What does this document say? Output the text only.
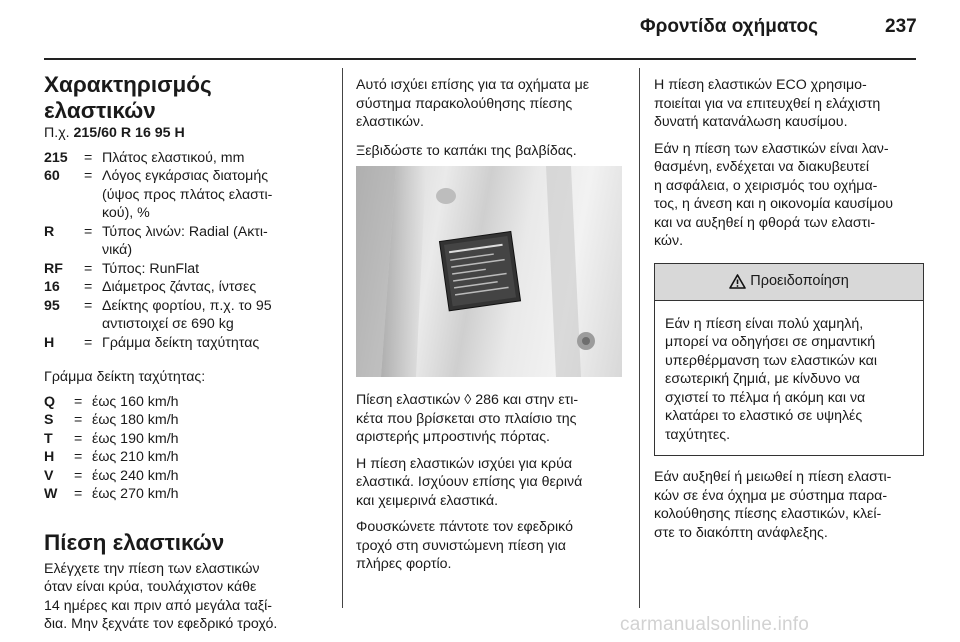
Φροντίδα οχήματος	237
Χαρακτηρισμός ελαστικών
Π.χ. 215/60 R 16 95 H
215	= Πλάτος ελαστικού, mm
60	= Λόγος εγκάρσιας διατομής
(ύψος προς πλάτος ελαστι-
κού), %
R	= Τύπος λινών: Radial (Ακτι-
νικά)
RF	= Τύπος: RunFlat
16	= Διάμετρος ζάντας, ίντσες
95	= Δείκτης φορτίου, π.χ. το 95
αντιστοιχεί σε 690 kg
H	= Γράμμα δείκτη ταχύτητας

Γράμμα δείκτη ταχύτητας:

Q	= έως 160 km/h
S	= έως 180 km/h
T	= έως 190 km/h
H	= έως 210 km/h
V	= έως 240 km/h
W	= έως 270 km/h
Πίεση ελαστικών
Ελέγχετε την πίεση των ελαστικών
όταν είναι κρύα, τουλάχιστον κάθε
14 ημέρες και πριν από μεγάλα ταξί-
δια. Μην ξεχνάτε τον εφεδρικό τροχό.

Αυτό ισχύει επίσης για τα οχήματα με
σύστημα παρακολούθησης πίεσης
ελαστικών.

Ξεβιδώστε το καπάκι της βαλβίδας.

Πίεση ελαστικών ◊ 286 και στην ετι-
κέτα που βρίσκεται στο πλαίσιο της
αριστερής μπροστινής πόρτας.

Η πίεση ελαστικών ισχύει για κρύα
ελαστικά. Ισχύουν επίσης για θερινά
και χειμερινά ελαστικά.

Φουσκώνετε πάντοτε τον εφεδρικό
τροχό στη συνιστώμενη πίεση για
πλήρες φορτίο.

Η πίεση ελαστικών ECO χρησιμο-
ποιείται για να επιτευχθεί η ελάχιστη
δυνατή κατανάλωση καυσίμου.

Εάν η πίεση των ελαστικών είναι λαν-
θασμένη, ενδέχεται να διακυβευτεί
η ασφάλεια, ο χειρισμός του οχήμα-
τος, η άνεση και η οικονομία καυσίμου
και να αυξηθεί η φθορά των ελαστι-
κών.

Προειδοποίηση
Εάν η πίεση είναι πολύ χαμηλή,
μπορεί να οδηγήσει σε σημαντική
υπερθέρμανση των ελαστικών και
εσωτερική ζημιά, με κίνδυνο να
σχιστεί το πέλμα ή ακόμη και να
κλατάρει το ελαστικό σε υψηλές
ταχύτητες.

Εάν αυξηθεί ή μειωθεί η πίεση ελαστι-
κών σε ένα όχημα με σύστημα παρα-
κολούθησης πίεσης ελαστικών, κλεί-
στε το διακόπτη ανάφλεξης.

carmanualsonline.info
